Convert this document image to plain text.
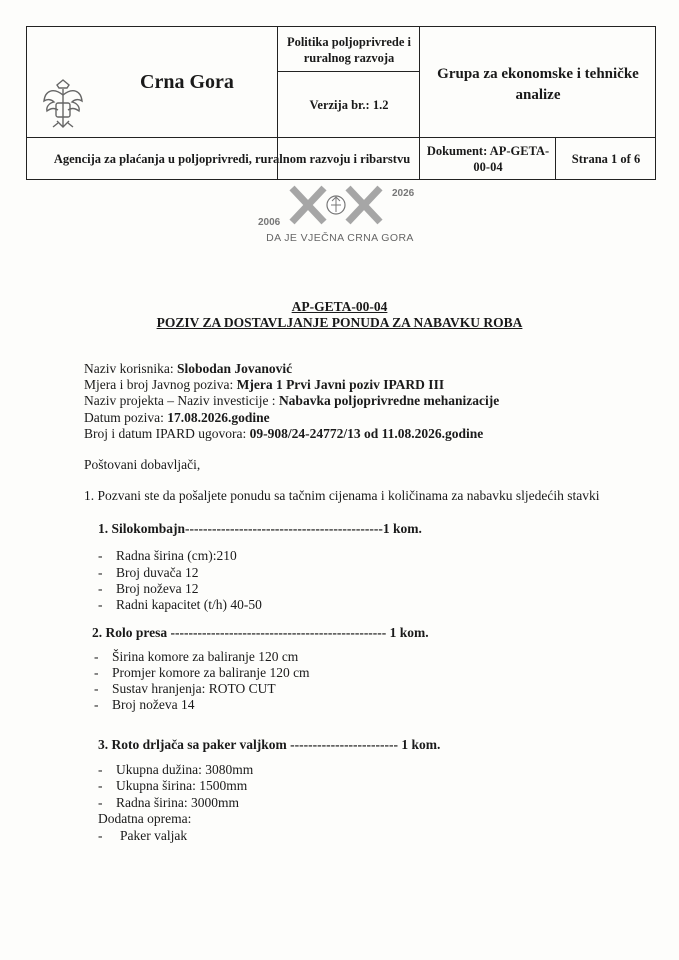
Crna Gora
Politika poljoprivrede i ruralnog razvoja
Verzija br.: 1.2
Grupa za ekonomske i tehničke analize
Agencija za plaćanja u poljoprivredi, ruralnom razvoju i ribarstvu
Dokument: AP-GETA-00-04
Strana 1 of 6
2006
2026
DA JE VJEČNA CRNA GORA
AP-GETA-00-04
POZIV ZA DOSTAVLJANJE PONUDA ZA NABAVKU ROBA
Naziv korisnika: Slobodan Jovanović
Mjera i broj Javnog poziva: Mjera 1 Prvi Javni poziv IPARD III
Naziv projekta – Naziv investicije : Nabavka poljoprivredne mehanizacije
Datum poziva: 17.08.2026.godine
Broj i datum IPARD ugovora: 09-908/24-24772/13 od 11.08.2026.godine
Poštovani dobavljači,
1. Pozvani ste da pošaljete ponudu sa tačnim cijenama i količinama za nabavku sljedećih stavki
1. Silokombajn--------------------------------------------1 kom.
- Radna širina (cm):210
- Broj duvača 12
- Broj noževa 12
- Radni kapacitet (t/h) 40-50
2. Rolo presa ------------------------------------------------ 1 kom.
- Širina komore za baliranje 120 cm
- Promjer komore za baliranje 120 cm
- Sustav hranjenja: ROTO CUT
- Broj noževa 14
3. Roto drljača sa paker valjkom ------------------------ 1 kom.
- Ukupna dužina: 3080mm
- Ukupna širina: 1500mm
- Radna širina: 3000mm
Dodatna oprema:
- Paker valjak
